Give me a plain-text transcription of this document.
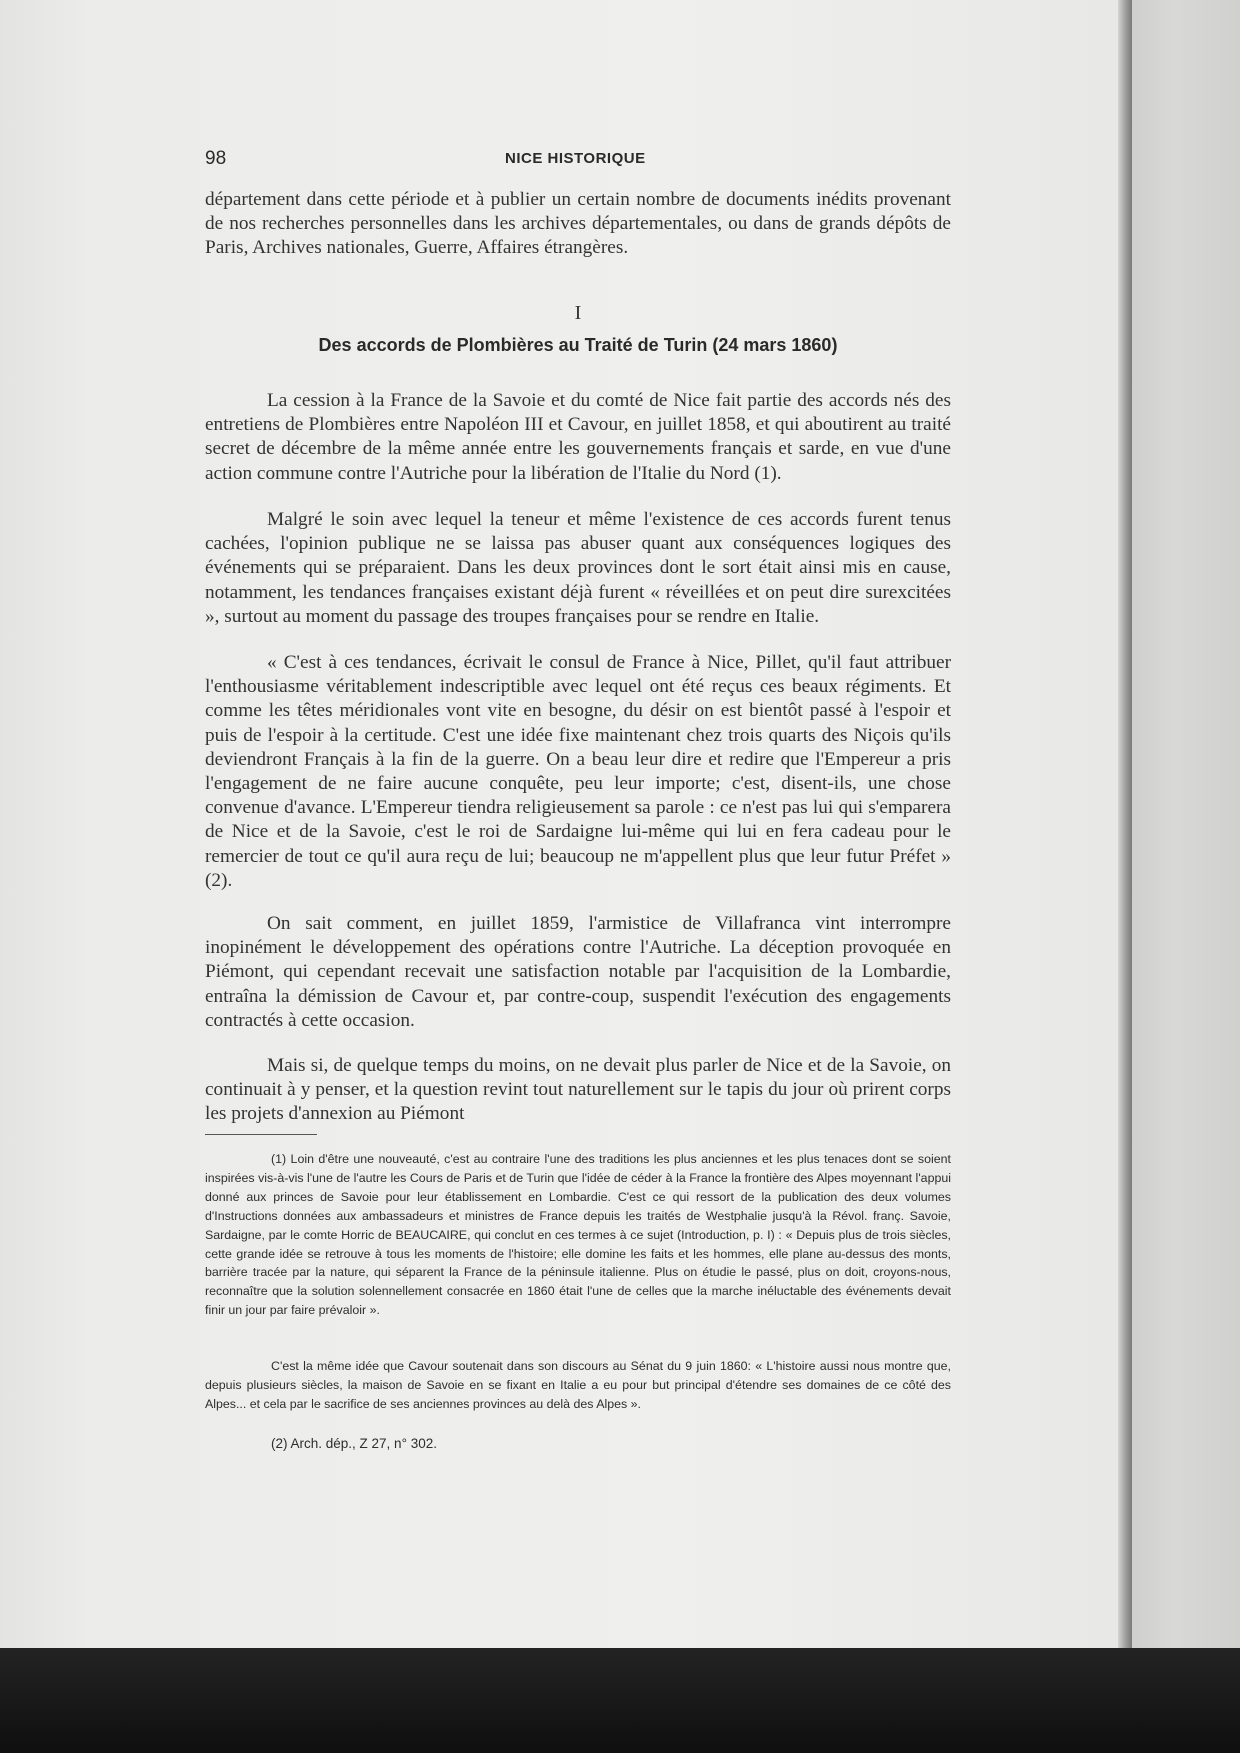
98	NICE HISTORIQUE

département dans cette période et à publier un certain nombre de documents inédits provenant de nos recherches personnelles dans les archives départementales, ou dans de grands dépôts de Paris, Archives nationales, Guerre, Affaires étrangères.

I
Des accords de Plombières au Traité de Turin (24 mars 1860)

La cession à la France de la Savoie et du comté de Nice fait partie des accords nés des entretiens de Plombières entre Napoléon III et Cavour, en juillet 1858, et qui aboutirent au traité secret de décembre de la même année entre les gouvernements français et sarde, en vue d'une action commune contre l'Autriche pour la libération de l'Italie du Nord (1).

Malgré le soin avec lequel la teneur et même l'existence de ces accords furent tenus cachées, l'opinion publique ne se laissa pas abuser quant aux conséquences logiques des événements qui se préparaient. Dans les deux provinces dont le sort était ainsi mis en cause, notamment, les tendances françaises existant déjà furent « réveillées et on peut dire surexcitées », surtout au moment du passage des troupes françaises pour se rendre en Italie.

« C'est à ces tendances, écrivait le consul de France à Nice, Pillet, qu'il faut attribuer l'enthousiasme véritablement indescriptible avec lequel ont été reçus ces beaux régiments. Et comme les têtes méridionales vont vite en besogne, du désir on est bientôt passé à l'espoir et puis de l'espoir à la certitude. C'est une idée fixe maintenant chez trois quarts des Niçois qu'ils deviendront Français à la fin de la guerre. On a beau leur dire et redire que l'Empereur a pris l'engagement de ne faire aucune conquête, peu leur importe; c'est, disent-ils, une chose convenue d'avance. L'Empereur tiendra religieusement sa parole : ce n'est pas lui qui s'emparera de Nice et de la Savoie, c'est le roi de Sardaigne lui-même qui lui en fera cadeau pour le remercier de tout ce qu'il aura reçu de lui; beaucoup ne m'appellent plus que leur futur Préfet » (2).

On sait comment, en juillet 1859, l'armistice de Villafranca vint interrompre inopinément le développement des opérations contre l'Autriche. La déception provoquée en Piémont, qui cependant recevait une satisfaction notable par l'acquisition de la Lombardie, entraîna la démission de Cavour et, par contre-coup, suspendit l'exécution des engagements contractés à cette occasion.

Mais si, de quelque temps du moins, on ne devait plus parler de Nice et de la Savoie, on continuait à y penser, et la question revint tout naturellement sur le tapis du jour où prirent corps les projets d'annexion au Piémont

(1) Loin d'être une nouveauté, c'est au contraire l'une des traditions les plus anciennes et les plus tenaces dont se soient inspirées vis-à-vis l'une de l'autre les Cours de Paris et de Turin que l'idée de céder à la France la frontière des Alpes moyennant l'appui donné aux princes de Savoie pour leur établissement en Lombardie. C'est ce qui ressort de la publication des deux volumes d'Instructions données aux ambassadeurs et ministres de France depuis les traités de Westphalie jusqu'à la Révol. franç. Savoie, Sardaigne, par le comte Horric de BEAUCAIRE, qui conclut en ces termes à ce sujet (Introduction, p. I) : « Depuis plus de trois siècles, cette grande idée se retrouve à tous les moments de l'histoire; elle domine les faits et les hommes, elle plane au-dessus des monts, barrière tracée par la nature, qui séparent la France de la péninsule italienne. Plus on étudie le passé, plus on doit, croyons-nous, reconnaître que la solution solennellement consacrée en 1860 était l'une de celles que la marche inéluctable des événements devait finir un jour par faire prévaloir ».

C'est la même idée que Cavour soutenait dans son discours au Sénat du 9 juin 1860: « L'histoire aussi nous montre que, depuis plusieurs siècles, la maison de Savoie en se fixant en Italie a eu pour but principal d'étendre ses domaines de ce côté des Alpes... et cela par le sacrifice de ses anciennes provinces au delà des Alpes ».

(2) Arch. dép., Z 27, n° 302.
